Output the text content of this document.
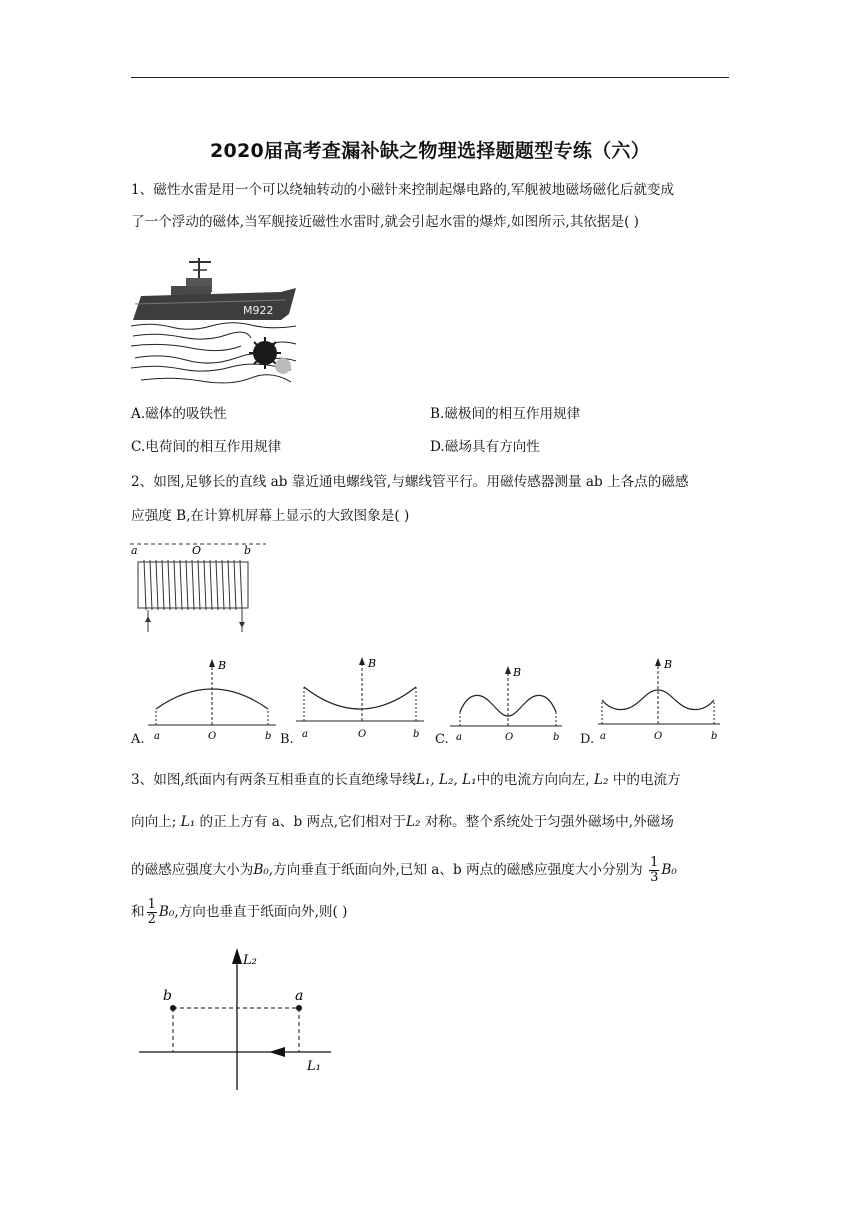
2020届高考查漏补缺之物理选择题题型专练（六）
1、磁性水雷是用一个可以绕轴转动的小磁针来控制起爆电路的,军舰被地磁场磁化后就变成
了一个浮动的磁体,当军舰接近磁性水雷时,就会引起水雷的爆炸,如图所示,其依据是( )
M922
A.磁体的吸铁性	B.磁极间的相互作用规律
C.电荷间的相互作用规律	D.磁场具有方向性
2、如图,足够长的直线 ab 靠近通电螺线管,与螺线管平行。用磁传感器测量 ab 上各点的磁感
应强度 B,在计算机屏幕上显示的大致图象是( )
a	O	b
B
a	O	b
A.
B
a	O	b
B.
B
a	O	b
C.
B
a	O	b
D.
3、如图,纸面内有两条互相垂直的长直绝缘导线L₁, L₂, L₁中的电流方向向左, L₂ 中的电流方
向向上; L₁ 的正上方有 a、b 两点,它们相对于L₂ 对称。整个系统处于匀强外磁场中,外磁场
的磁感应强度大小为B₀,方向垂直于纸面向外,已知 a、b 两点的磁感应强度大小分别为 $\frac{1}{3} B_0$
和 $\frac{1}{2} B_0$,方向也垂直于纸面向外,则( )
L₂
L₁
b	a
